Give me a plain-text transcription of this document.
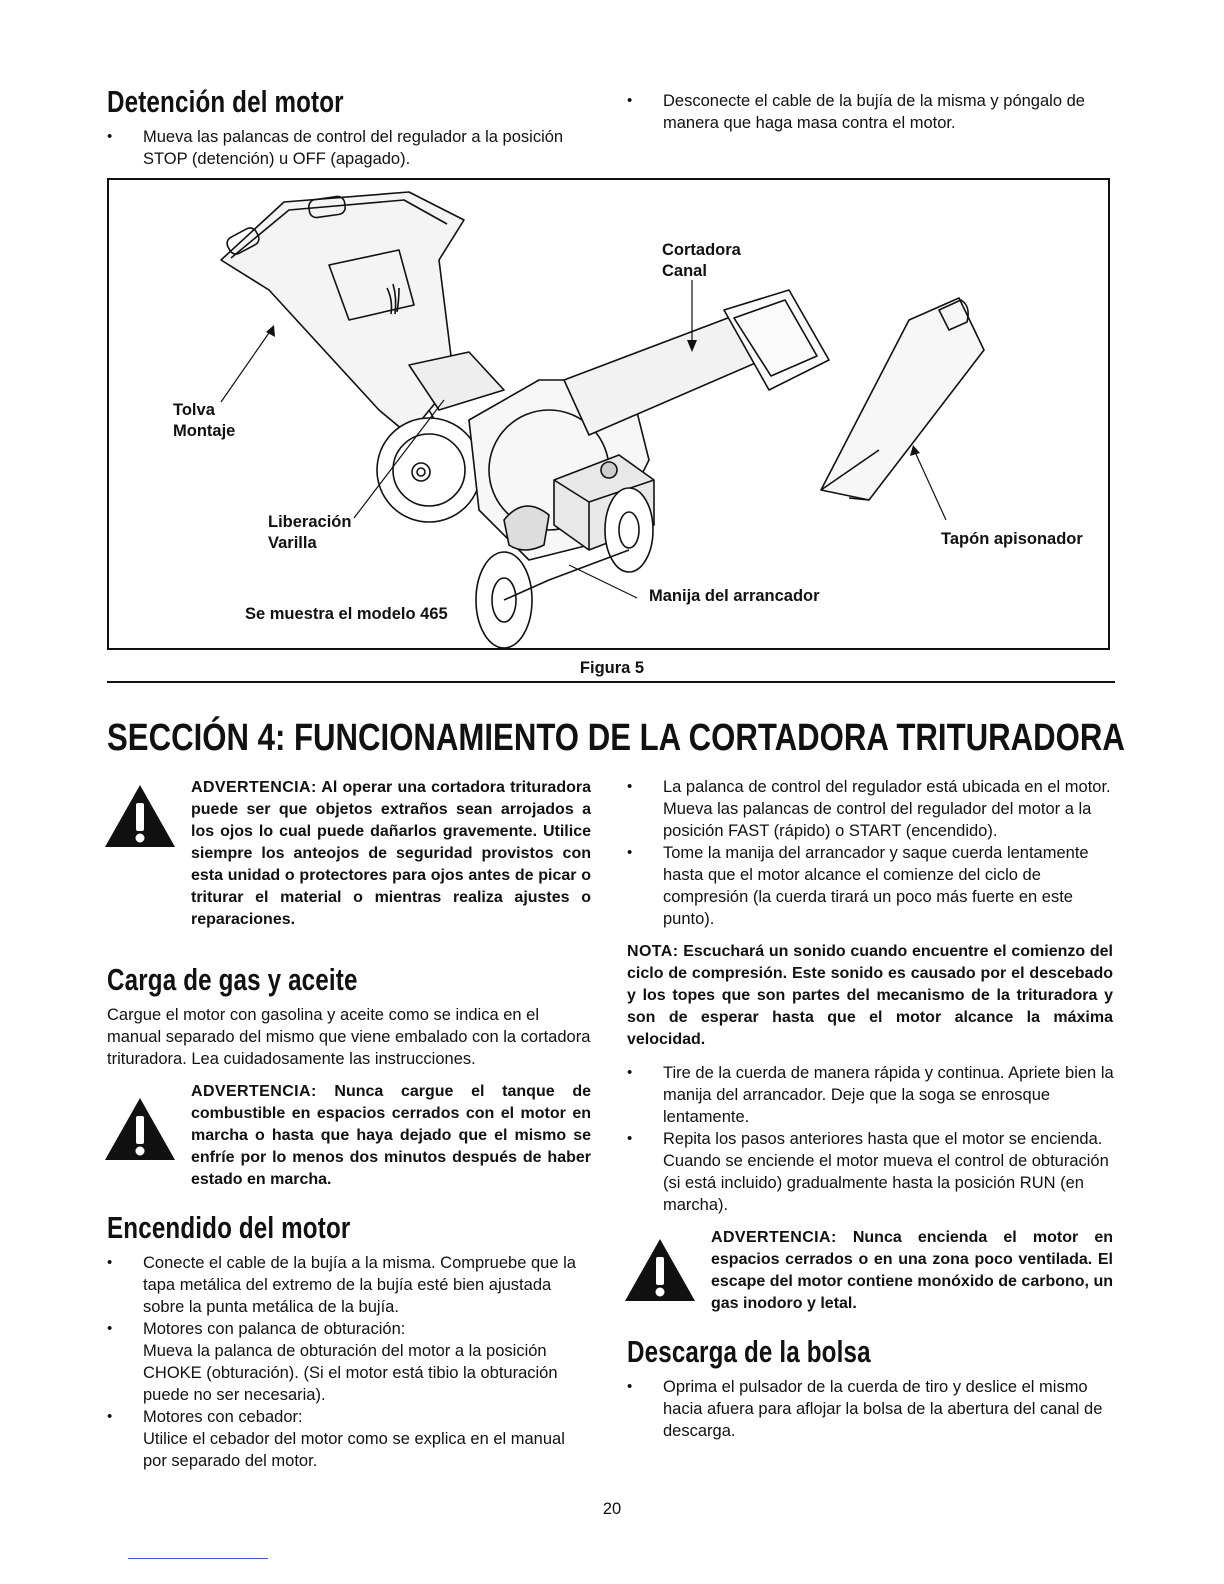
Detención del motor
• Mueva las palancas de control del regulador a la posición STOP (detención) u OFF (apagado).
• Desconecte el cable de la bujía de la misma y póngalo de manera que haga masa contra el motor.
Cortadora
Canal
Tolva
Montaje
Liberación
Varilla	Tapón apisonador
Manija del arrancador
Se muestra el modelo 465
Figura 5
SECCIÓN 4: FUNCIONAMIENTO DE LA CORTADORA TRITURADORA
ADVERTENCIA: Al operar una cortadora trituradora puede ser que objetos extraños sean arrojados a los ojos lo cual puede dañarlos gravemente. Utilice siempre los anteojos de seguridad provistos con esta unidad o protectores para ojos antes de picar o triturar el material o mientras realiza ajustes o reparaciones.
Carga de gas y aceite
Cargue el motor con gasolina y aceite como se indica en el manual separado del mismo que viene embalado con la cortadora trituradora. Lea cuidadosamente las instrucciones.
ADVERTENCIA: Nunca cargue el tanque de combustible en espacios cerrados con el motor en marcha o hasta que haya dejado que el mismo se enfríe por lo menos dos minutos después de haber estado en marcha.
Encendido del motor
• Conecte el cable de la bujía a la misma. Compruebe que la tapa metálica del extremo de la bujía esté bien ajustada sobre la punta metálica de la bujía.
• Motores con palanca de obturación:
Mueva la palanca de obturación del motor a la posición CHOKE (obturación). (Si el motor está tibio la obturación puede no ser necesaria).
• Motores con cebador:
Utilice el cebador del motor como se explica en el manual por separado del motor.
• La palanca de control del regulador está ubicada en el motor. Mueva las palancas de control del regulador del motor a la posición FAST (rápido) o START (encendido).
• Tome la manija del arrancador y saque cuerda lentamente hasta que el motor alcance el comienze del ciclo de compresión (la cuerda tirará un poco más fuerte en este punto).
NOTA: Escuchará un sonido cuando encuentre el comienzo del ciclo de compresión. Este sonido es causado por el descebado y los topes que son partes del mecanismo de la trituradora y son de esperar hasta que el motor alcance la máxima velocidad.
• Tire de la cuerda de manera rápida y continua. Apriete bien la manija del arrancador. Deje que la soga se enrosque lentamente.
• Repita los pasos anteriores hasta que el motor se encienda. Cuando se enciende el motor mueva el control de obturación (si está incluido) gradualmente hasta la posición RUN (en marcha).
ADVERTENCIA: Nunca encienda el motor en espacios cerrados o en una zona poco ventilada. El escape del motor contiene monóxido de carbono, un gas inodoro y letal.
Descarga de la bolsa
• Oprima el pulsador de la cuerda de tiro y deslice el mismo hacia afuera para aflojar la bolsa de la abertura del canal de descarga.
20
